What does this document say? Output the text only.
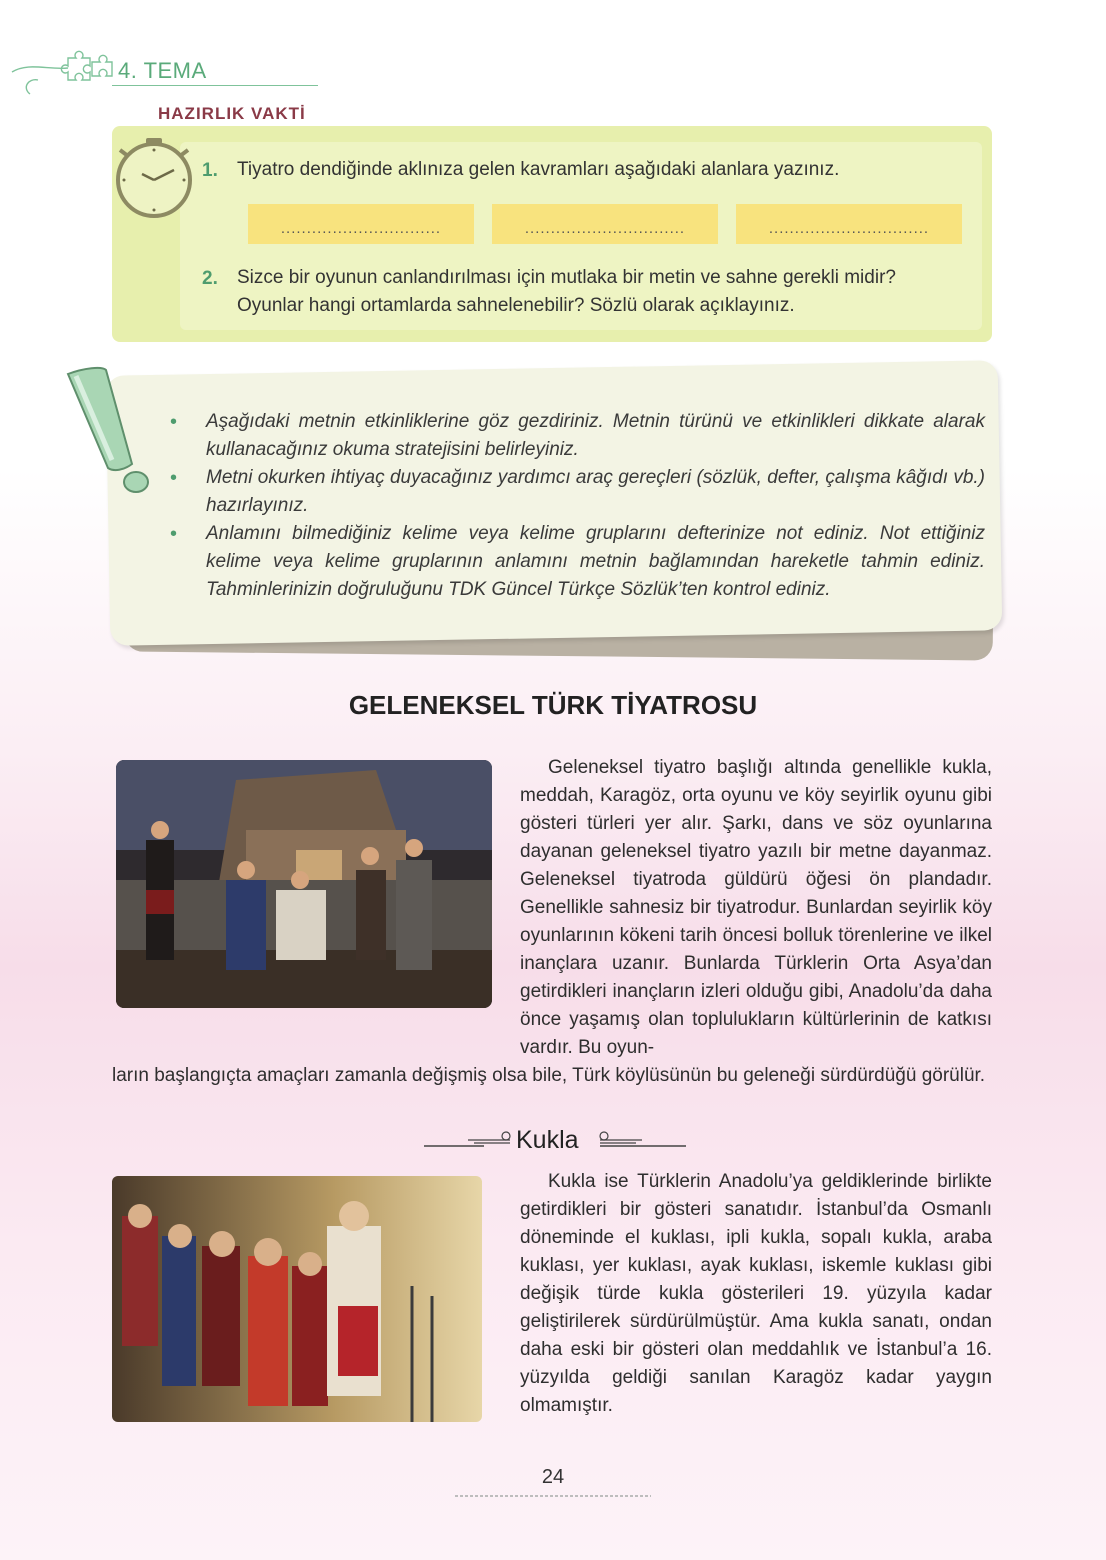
4. TEMA
HAZIRLIK VAKTİ
1. Tiyatro dendiğinde aklınıza gelen kavramları aşağıdaki alanlara yazınız.
...............................	...............................	...............................
2. Sizce bir oyunun canlandırılması için mutlaka bir metin ve sahne gerekli midir?
Oyunlar hangi ortamlarda sahnelenebilir? Sözlü olarak açıklayınız.
• Aşağıdaki metnin etkinliklerine göz gezdiriniz. Metnin türünü ve etkinlikleri dikkate alarak kullanacağınız okuma stratejisini belirleyiniz.
• Metni okurken ihtiyaç duyacağınız yardımcı araç gereçleri (sözlük, defter, çalışma kâğıdı vb.) hazırlayınız.
• Anlamını bilmediğiniz kelime veya kelime gruplarını defterinize not ediniz. Not ettiğiniz kelime veya kelime gruplarının anlamını metnin bağlamından hareketle tahmin ediniz. Tahminlerinizin doğruluğunu TDK Güncel Türkçe Sözlük’ten kontrol ediniz.
GELENEKSEL TÜRK TİYATROSU
Geleneksel tiyatro başlığı altında genellikle kukla, meddah, Karagöz, orta oyunu ve köy seyirlik oyunu gibi gösteri türleri yer alır. Şarkı, dans ve söz oyunlarına dayanan geleneksel tiyatro yazılı bir metne dayanmaz. Geleneksel tiyatroda güldürü öğesi ön plandadır. Genellikle sahnesiz bir tiyatrodur. Bunlardan seyirlik köy oyunlarının kökeni tarih öncesi bolluk törenlerine ve ilkel inançlara uzanır. Bunlarda Türklerin Orta Asya’dan getirdikleri inançların izleri olduğu gibi, Anadolu’da daha önce yaşamış olan toplulukların kültürlerinin de katkısı vardır. Bu oyun-
ların başlangıçta amaçları zamanla değişmiş olsa bile, Türk köylüsünün bu geleneği sürdürdüğü görülür.
Kukla
Kukla ise Türklerin Anadolu’ya geldiklerinde birlikte getirdikleri bir gösteri sanatıdır. İstanbul’da Osmanlı döneminde el kuklası, ipli kukla, sopalı kukla, araba kuklası, yer kuklası, ayak kuklası, iskemle kuklası gibi değişik türde kukla gösterileri 19. yüzyıla kadar geliştirilerek sürdürülmüştür. Ama kukla sanatı, ondan daha eski bir gösteri olan meddahlık ve İstanbul’a 16. yüzyılda geldiği sanılan Karagöz kadar yaygın olmamıştır.
24
